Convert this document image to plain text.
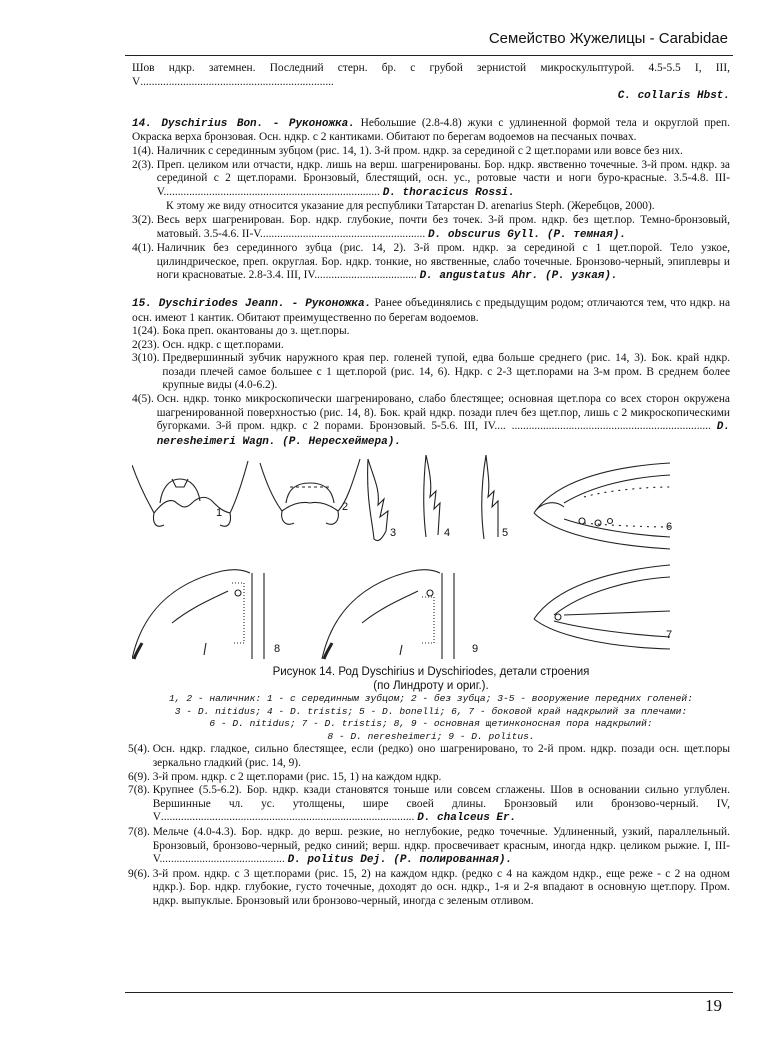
Семейство Жужелицы - Carabidae

Шов ндкр. затемнен. Последний стерн. бр. с грубой зернистой микроскульптурой. 4.5-5.5 I, III, V....................................................................

C. collaris Hbst.

14. Dyschirius Bon. - Руконожка. Небольшие (2.8-4.8) жуки с удлиненной формой тела и округлой преп. Окраска верха бронзовая. Осн. ндкр. с 2 кантиками. Обитают по берегам водоемов на песчаных почвах.

1(4).
Наличник с серединным зубцом (рис. 14, 1). 3-й пром. ндкр. за серединой с 2 щет.порами или вовсе без них.
2(3).
Преп. целиком или отчасти, ндкр. лишь на верш. шагренированы. Бор. ндкр. явственно точечные. 3-й пром. ндкр. за серединой с 2 щет.порами. Бронзовый, блестящий, осн. ус., ротовые части и ноги буро-красные. 3.5-4.8. III-V............................................................................ D. thoracicus Rossi.

К этому же виду относится указание для республики Татарстан D. arenarius Steph. (Жеребцов, 2000).

3(2).
Весь верх шагренирован. Бор. ндкр. глубокие, почти без точек. 3-й пром. ндкр. без щет.пор. Темно-бронзовый, матовый. 3.5-4.6. II-V.......................................................... D. obscurus Gyll. (Р. темная).
4(1).
Наличник без серединного зубца (рис. 14, 2). 3-й пром. ндкр. за серединой с 1 щет.порой. Тело узкое, цилиндрическое, преп. округлая. Бор. ндкр. тонкие, но явственные, слабо точечные. Бронзово-черный, эпиплевры и ноги красноватые. 2.8-3.4. III, IV.................................... D. angustatus Ahr. (Р. узкая).

15. Dyschiriodes Jeann. - Руконожка. Ранее объединялись с предыдущим родом; отличаются тем, что ндкр. на осн. имеют 1 кантик. Обитают преимущественно по берегам водоемов.

1(24).
Бока преп. окантованы до з. щет.поры.
2(23).
Осн. ндкр. с щет.порами.
3(10).
Предвершинный зубчик наружного края пер. голеней тупой, едва больше среднего (рис. 14, 3). Бок. край ндкр. позади плечей самое большее с 1 щет.порой (рис. 14, 6). Ндкр. с 2-3 щет.порами на 3-м пром. В среднем более крупные виды (4.0-6.2).
4(5).
Осн. ндкр. тонко микроскопически шагренировано, слабо блестящее; основная щет.пора со всех сторон окружена шагренированной поверхностью (рис. 14, 8). Бок. край ндкр. позади плеч без щет.пор, лишь с 2 микроскопическими бугорками. 3-й пром. ндкр. с 2 порами. Бронзовый. 5-5.6. III, IV.... ...................................................................... D. neresheimeri Wagn. (Р. Нересхеймера).
1	2
3	4	5	6
7
8	9
Рисунок 14. Род Dyschirius и Dyschiriodes, детали строения
(по Линдроту и ориг.).
1, 2 - наличник: 1 - с серединным зубцом; 2 - без зубца; 3-5 - вооружение передних голеней:
3 - D. nitidus; 4 - D. tristis; 5 - D. bonelli; 6, 7 - боковой край надкрылий за плечами:
6 - D. nitidus; 7 - D. tristis; 8, 9 - основная щетинконосная пора надкрылий:
8 - D. neresheimeri; 9 - D. politus.
5(4).
Осн. ндкр. гладкое, сильно блестящее, если (редко) оно шагренировано, то 2-й пром. ндкр. позади осн. щет.поры зеркально гладкий (рис. 14, 9).
6(9).
3-й пром. ндкр. с 2 щет.порами (рис. 15, 1) на каждом ндкр.
7(8).
Крупнее (5.5-6.2). Бор. ндкр. кзади становятся тоньше или совсем сглажены. Шов в основании сильно углублен. Вершинные чл. ус. утолщены, шире своей длины. Бронзовый или бронзово-черный. IV, V......................................................................................... D. chalceus Er.
7(8).
Мельче (4.0-4.3). Бор. ндкр. до верш. резкие, но неглубокие, редко точечные. Удлиненный, узкий, параллельный. Бронзовый, бронзово-черный, редко синий; верш. ндкр. просвечивает красным, иногда ндкр. целиком рыжие. I, III-V............................................ D. politus Dej. (Р. полированная).
9(6).
3-й пром. ндкр. с 3 щет.порами (рис. 15, 2) на каждом ндкр. (редко с 4 на каждом ндкр., еще реже - с 2 на одном ндкр.). Бор. ндкр. глубокие, густо точечные, доходят до осн. ндкр., 1-я и 2-я впадают в основную щет.пору. Пром. ндкр. выпуклые. Бронзовый или бронзово-черный, иногда с зеленым отливом.
19
